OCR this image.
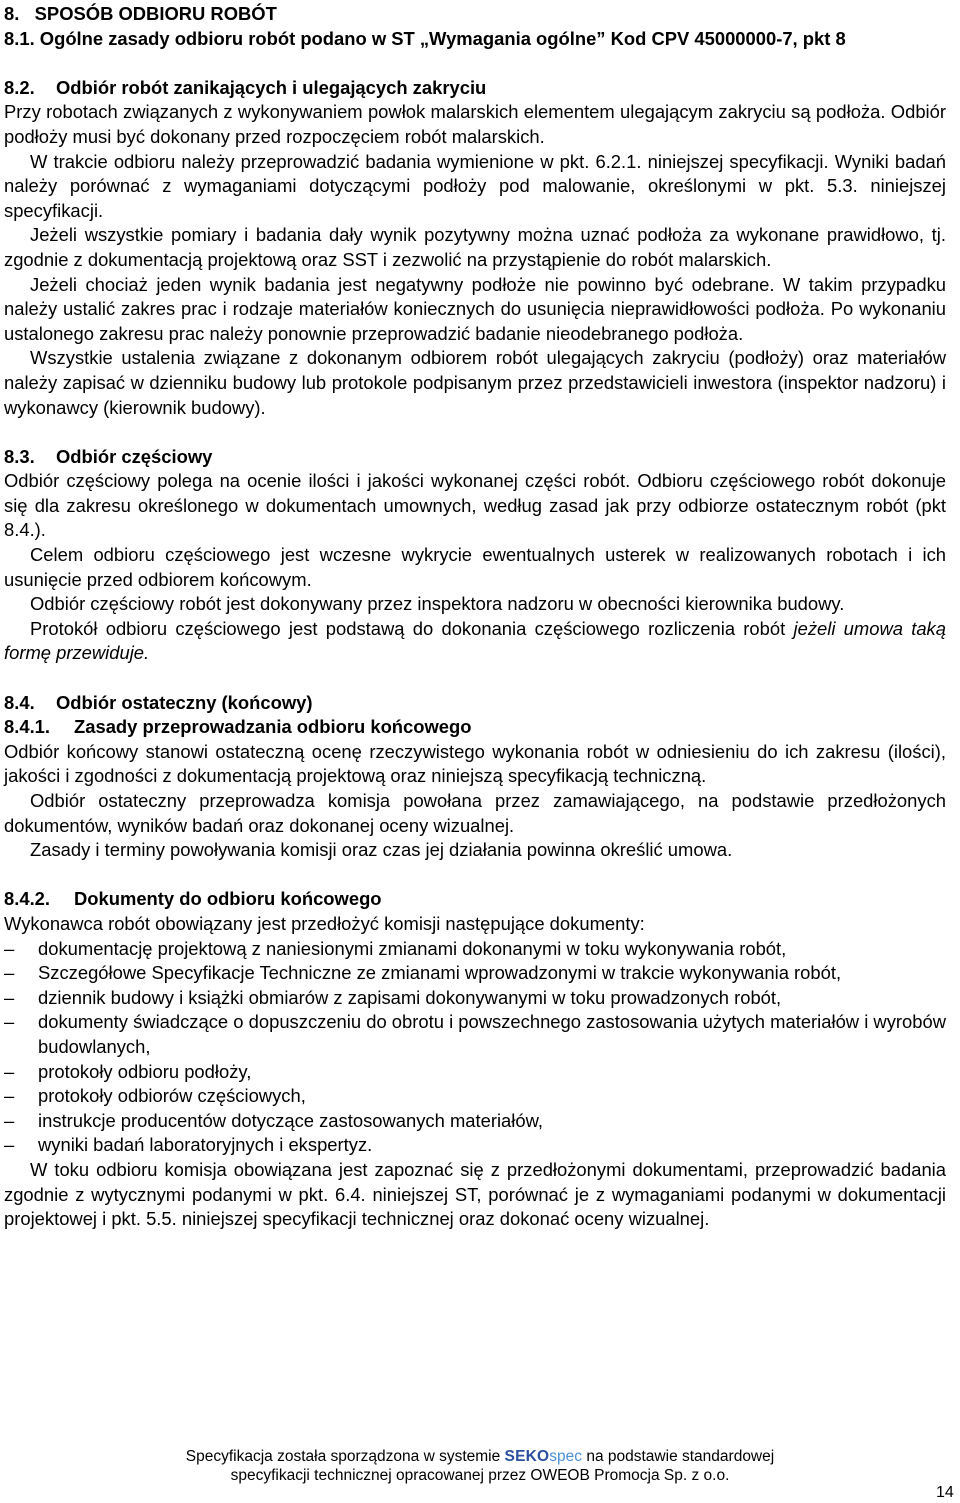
8.   SPOSÓB ODBIORU ROBÓT

8.1. Ogólne zasady odbioru robót podano w ST „Wymagania ogólne” Kod CPV 45000000-7, pkt 8

8.2. Odbiór robót zanikających i ulegających zakryciu

Przy robotach związanych z wykonywaniem powłok malarskich elementem ulegającym zakryciu są podłoża. Odbiór podłoży musi być dokonany przed rozpoczęciem robót malarskich.

W trakcie odbioru należy przeprowadzić badania wymienione w pkt. 6.2.1. niniejszej specyfikacji. Wyniki badań należy porównać z wymaganiami dotyczącymi podłoży pod malowanie, określonymi w pkt. 5.3. niniejszej specyfikacji.

Jeżeli wszystkie pomiary i badania dały wynik pozytywny można uznać podłoża za wykonane prawidłowo, tj. zgodnie z dokumentacją projektową oraz SST i zezwolić na przystąpienie do robót malarskich.

Jeżeli chociaż jeden wynik badania jest negatywny podłoże nie powinno być odebrane. W takim przypadku należy ustalić zakres prac i rodzaje materiałów koniecznych do usunięcia nieprawidłowości podłoża. Po wykonaniu ustalonego zakresu prac należy ponownie przeprowadzić badanie nieodebranego podłoża.

Wszystkie ustalenia związane z dokonanym odbiorem robót ulegających zakryciu (podłoży) oraz materiałów należy zapisać w dzienniku budowy lub protokole podpisanym przez przedstawicieli inwestora (inspektor nadzoru) i wykonawcy (kierownik budowy).

8.3. Odbiór częściowy

Odbiór częściowy polega na ocenie ilości i jakości wykonanej części robót. Odbioru częściowego robót dokonuje się dla zakresu określonego w dokumentach umownych, według zasad jak przy odbiorze ostatecznym robót (pkt 8.4.).

Celem odbioru częściowego jest wczesne wykrycie ewentualnych usterek w realizowanych robotach i ich usunięcie przed odbiorem końcowym.

Odbiór częściowy robót jest dokonywany przez inspektora nadzoru w obecności kierownika budowy.

Protokół odbioru częściowego jest podstawą do dokonania częściowego rozliczenia robót jeżeli umowa taką formę przewiduje.

8.4. Odbiór ostateczny (końcowy)

8.4.1. Zasady przeprowadzania odbioru końcowego

Odbiór końcowy stanowi ostateczną ocenę rzeczywistego wykonania robót w odniesieniu do ich zakresu (ilości), jakości i zgodności z dokumentacją projektową oraz niniejszą specyfikacją techniczną.

Odbiór ostateczny przeprowadza komisja powołana przez zamawiającego, na podstawie przedłożonych dokumentów, wyników badań oraz dokonanej oceny wizualnej.

Zasady i terminy powoływania komisji oraz czas jej działania powinna określić umowa.

8.4.2. Dokumenty do odbioru końcowego

Wykonawca robót obowiązany jest przedłożyć komisji następujące dokumenty:

– dokumentację projektową z naniesionymi zmianami dokonanymi w toku wykonywania robót,
– Szczegółowe Specyfikacje Techniczne ze zmianami wprowadzonymi w trakcie wykonywania robót,
– dziennik budowy i książki obmiarów z zapisami dokonywanymi w toku prowadzonych robót,
– dokumenty świadczące o dopuszczeniu do obrotu i powszechnego zastosowania użytych materiałów i wyrobów budowlanych,
– protokoły odbioru podłoży,
– protokoły odbiorów częściowych,
– instrukcje producentów dotyczące zastosowanych materiałów,
– wyniki badań laboratoryjnych i ekspertyz.

W toku odbioru komisja obowiązana jest zapoznać się z przedłożonymi dokumentami, przeprowadzić badania zgodnie z wytycznymi podanymi w pkt. 6.4. niniejszej ST, porównać je z wymaganiami podanymi w dokumentacji projektowej i pkt. 5.5. niniejszej specyfikacji technicznej oraz dokonać oceny wizualnej.

Specyfikacja została sporządzona w systemie SEKOspec na podstawie standardowej
specyfikacji technicznej opracowanej przez OWEOB Promocja Sp. z o.o.
14
